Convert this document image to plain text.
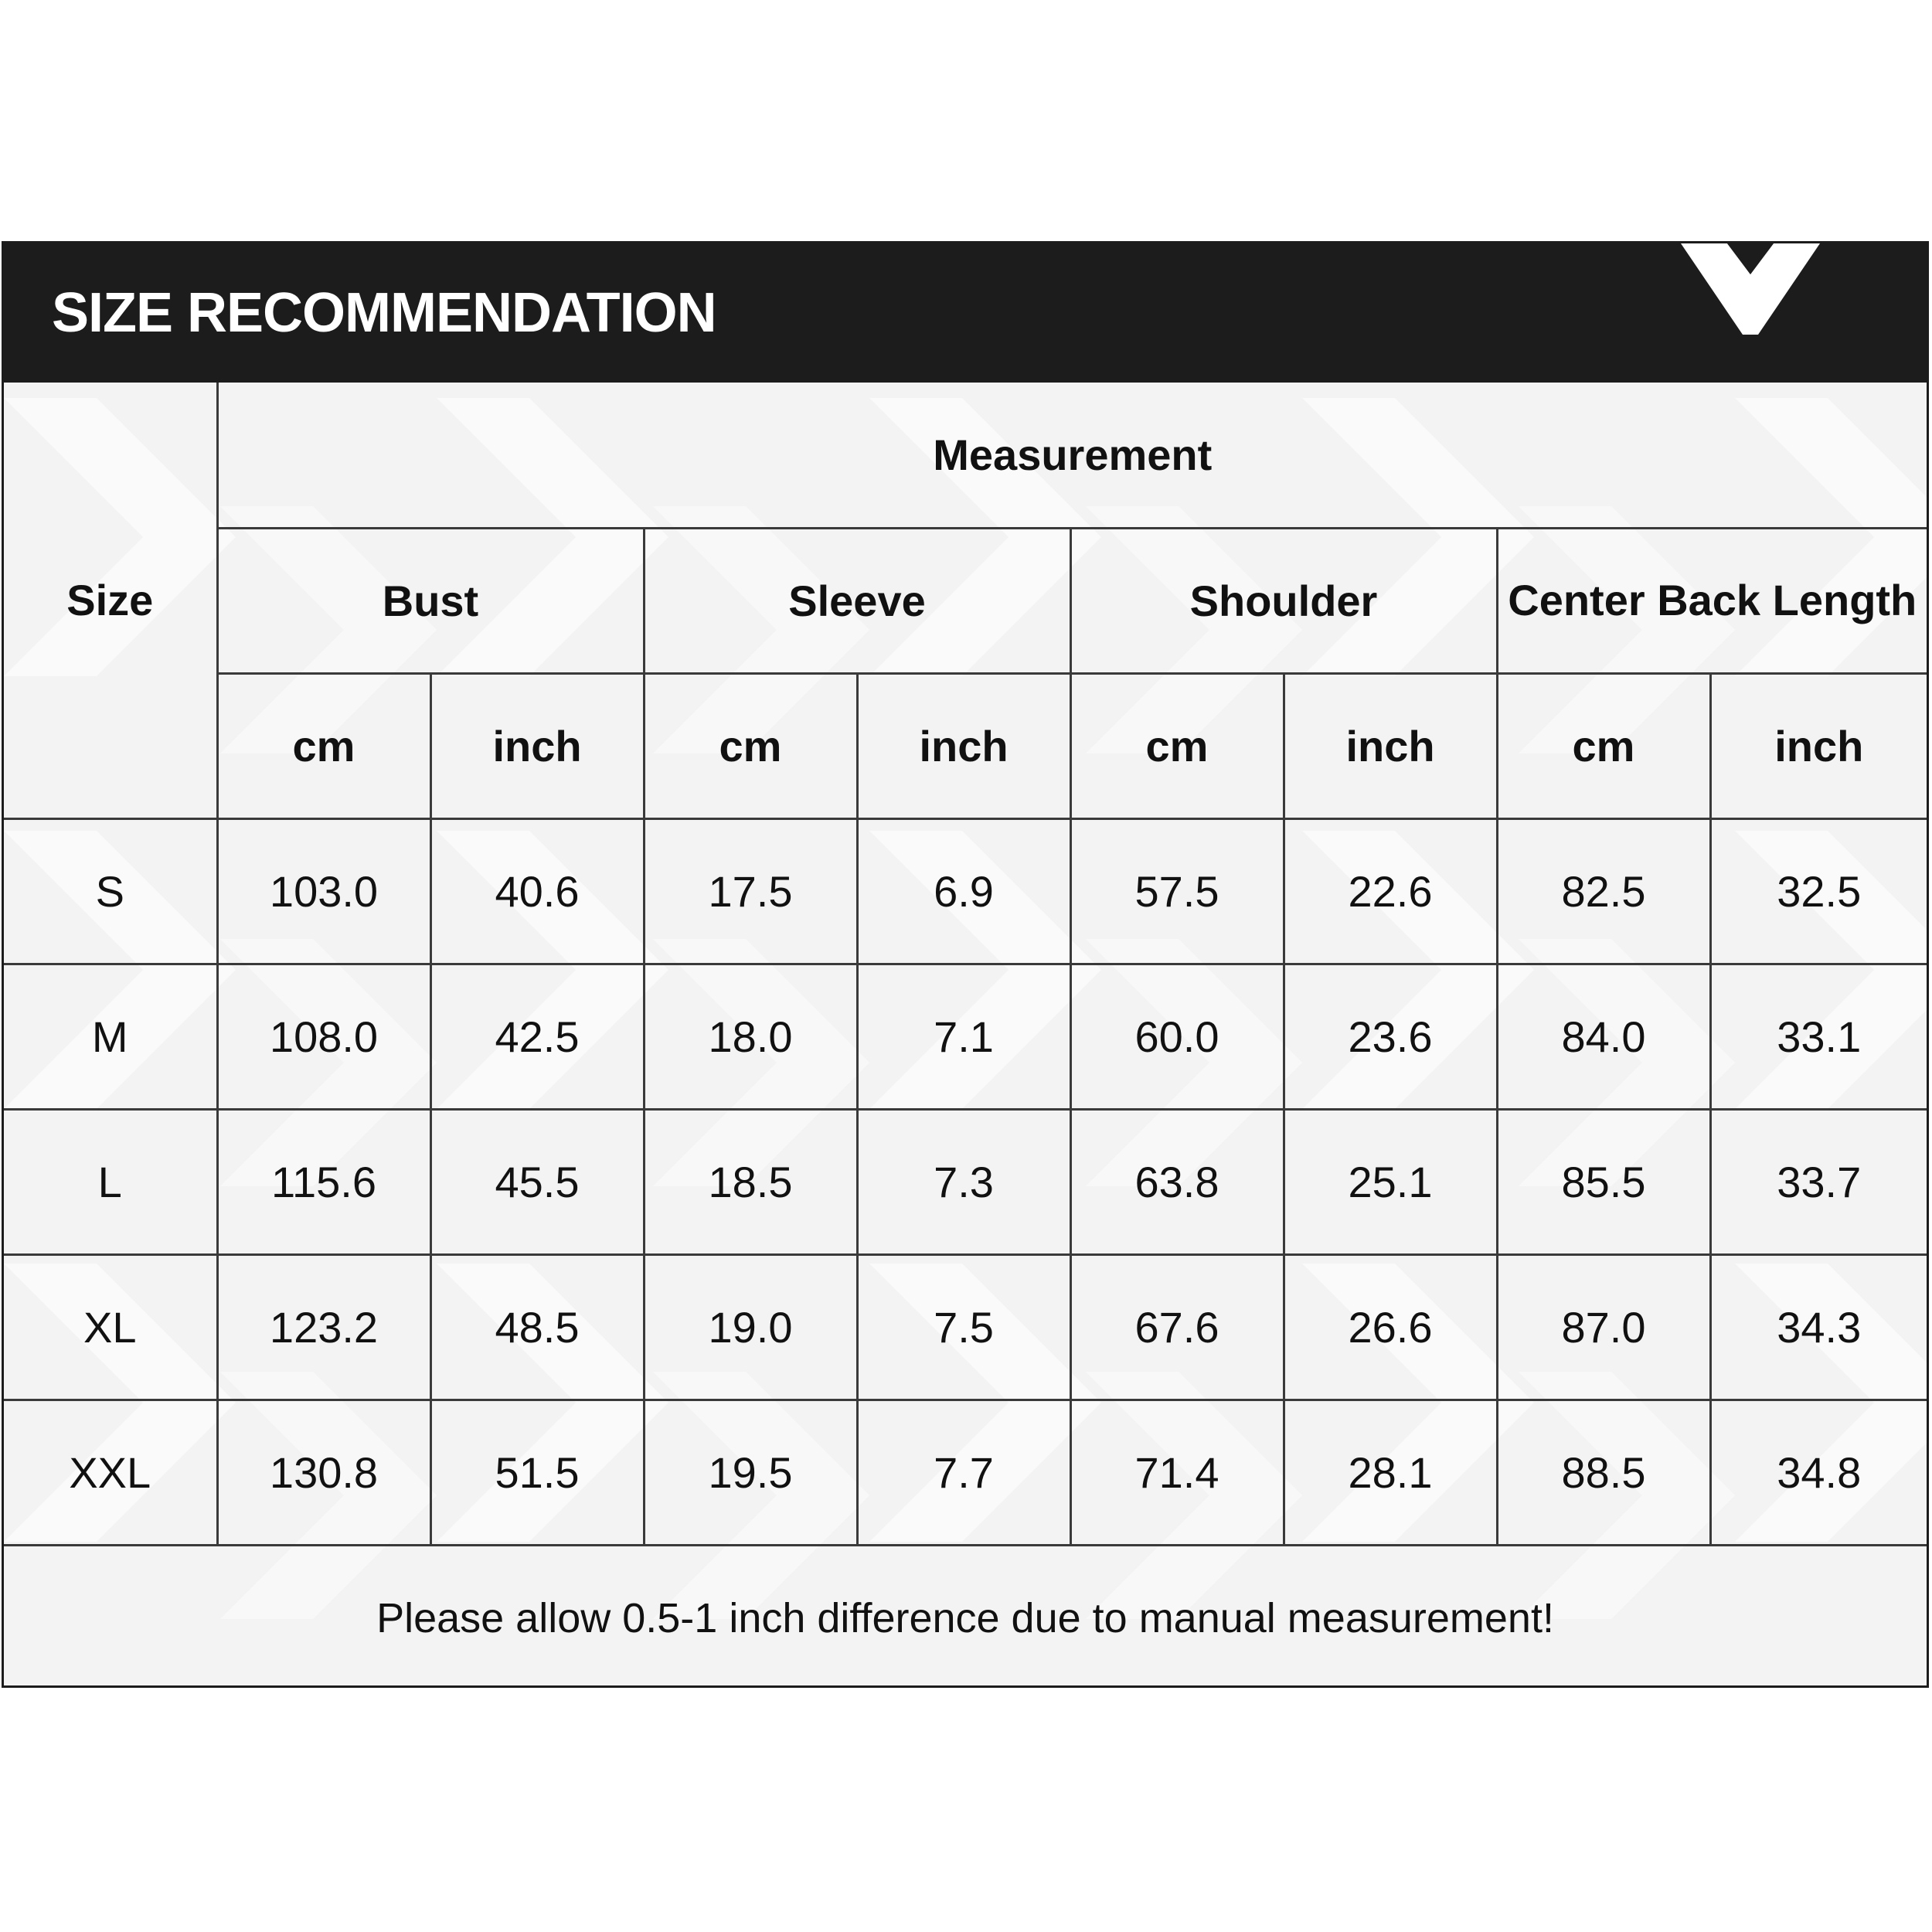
SIZE RECOMMENDATION
Size	Measurement							
	Bust		Sleeve		Shoulder		Center Back Length	
	cm	inch	cm	inch	cm	inch	cm	inch
S	103.0	40.6	17.5	6.9	57.5	22.6	82.5	32.5
M	108.0	42.5	18.0	7.1	60.0	23.6	84.0	33.1
L	115.6	45.5	18.5	7.3	63.8	25.1	85.5	33.7
XL	123.2	48.5	19.0	7.5	67.6	26.6	87.0	34.3
XXL	130.8	51.5	19.5	7.7	71.4	28.1	88.5	34.8
Please allow 0.5-1 inch difference due to manual measurement!								
